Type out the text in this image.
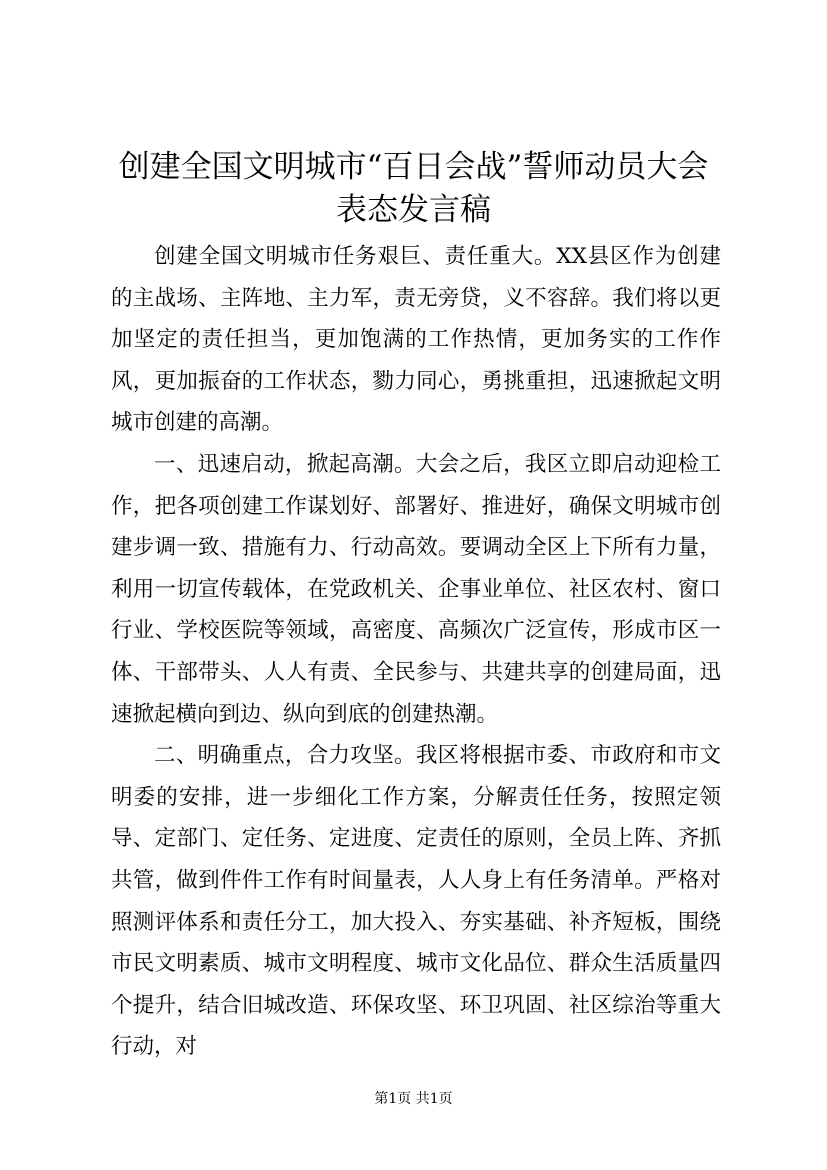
创建全国文明城市“百日会战”誓师动员大会
表态发言稿

创建全国文明城市任务艰巨、责任重大。XX县区作为创建的主战场、主阵地、主力军，责无旁贷，义不容辞。我们将以更加坚定的责任担当，更加饱满的工作热情，更加务实的工作作风，更加振奋的工作状态，勠力同心，勇挑重担，迅速掀起文明城市创建的高潮。

一、迅速启动，掀起高潮。大会之后，我区立即启动迎检工作，把各项创建工作谋划好、部署好、推进好，确保文明城市创建步调一致、措施有力、行动高效。要调动全区上下所有力量，利用一切宣传载体，在党政机关、企事业单位、社区农村、窗口行业、学校医院等领域，高密度、高频次广泛宣传，形成市区一体、干部带头、人人有责、全民参与、共建共享的创建局面，迅速掀起横向到边、纵向到底的创建热潮。

二、明确重点，合力攻坚。我区将根据市委、市政府和市文明委的安排，进一步细化工作方案，分解责任任务，按照定领导、定部门、定任务、定进度、定责任的原则，全员上阵、齐抓共管，做到件件工作有时间量表，人人身上有任务清单。严格对照测评体系和责任分工，加大投入、夯实基础、补齐短板，围绕市民文明素质、城市文明程度、城市文化品位、群众生活质量四个提升，结合旧城改造、环保攻坚、环卫巩固、社区综治等重大行动，对

第1页 共1页
